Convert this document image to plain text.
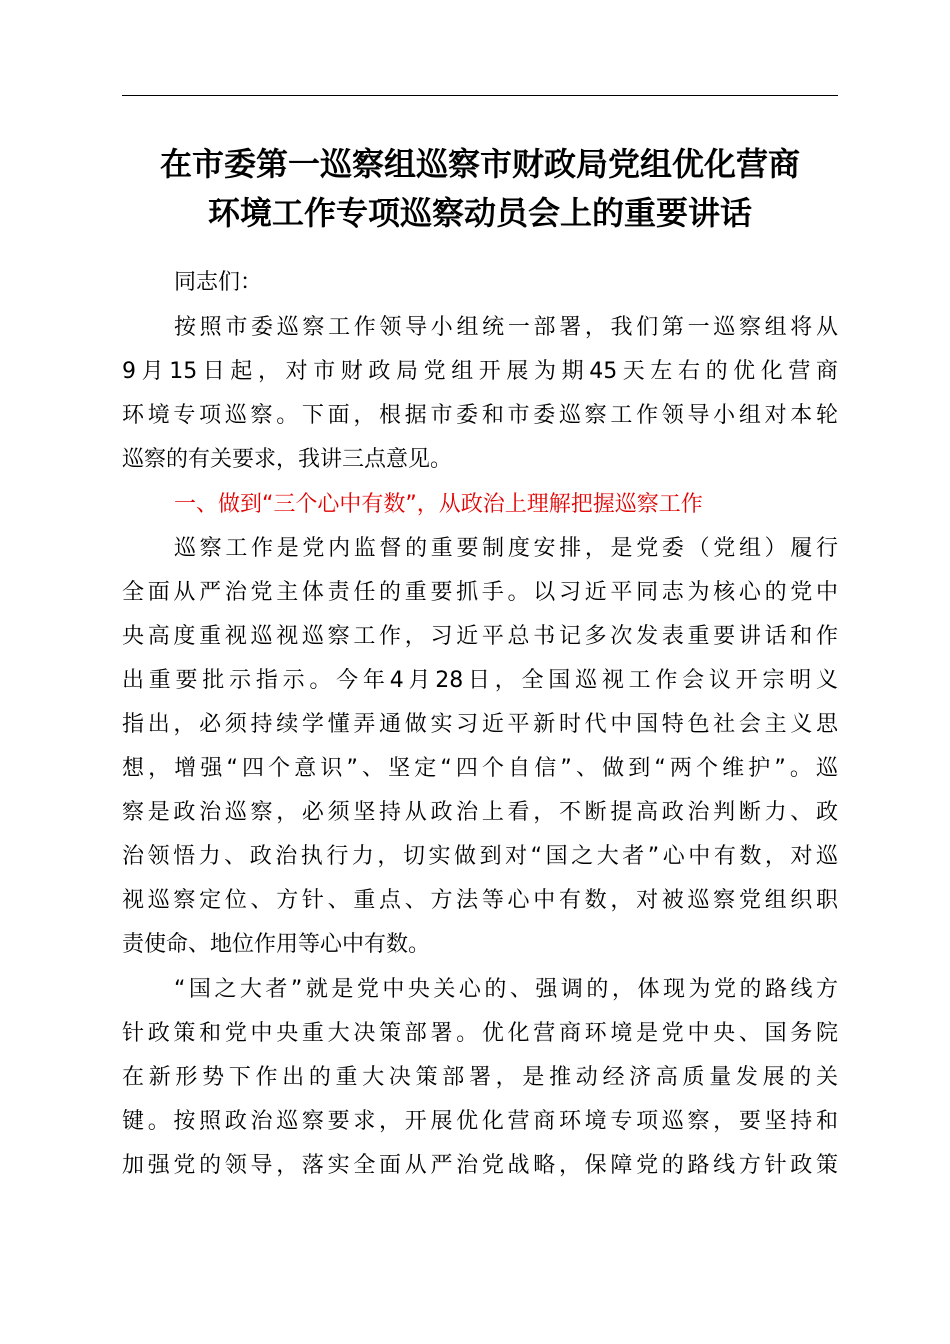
在市委第一巡察组巡察市财政局党组优化营商
环境工作专项巡察动员会上的重要讲话
同志们：
按照市委巡察工作领导小组统一部署，我们第一巡察组将从
9月15日起，对市财政局党组开展为期45天左右的优化营商
环境专项巡察。下面，根据市委和市委巡察工作领导小组对本轮
巡察的有关要求，我讲三点意见。
一、做到“三个心中有数”，从政治上理解把握巡察工作
巡察工作是党内监督的重要制度安排，是党委（党组）履行
全面从严治党主体责任的重要抓手。以习近平同志为核心的党中
央高度重视巡视巡察工作，习近平总书记多次发表重要讲话和作
出重要批示指示。今年4月28日，全国巡视工作会议开宗明义
指出，必须持续学懂弄通做实习近平新时代中国特色社会主义思
想，增强“四个意识”、坚定“四个自信”、做到“两个维护”。巡
察是政治巡察，必须坚持从政治上看，不断提高政治判断力、政
治领悟力、政治执行力，切实做到对“国之大者”心中有数，对巡
视巡察定位、方针、重点、方法等心中有数，对被巡察党组织职
责使命、地位作用等心中有数。
“国之大者”就是党中央关心的、强调的，体现为党的路线方
针政策和党中央重大决策部署。优化营商环境是党中央、国务院
在新形势下作出的重大决策部署，是推动经济高质量发展的关
键。按照政治巡察要求，开展优化营商环境专项巡察，要坚持和
加强党的领导，落实全面从严治党战略，保障党的路线方针政策
